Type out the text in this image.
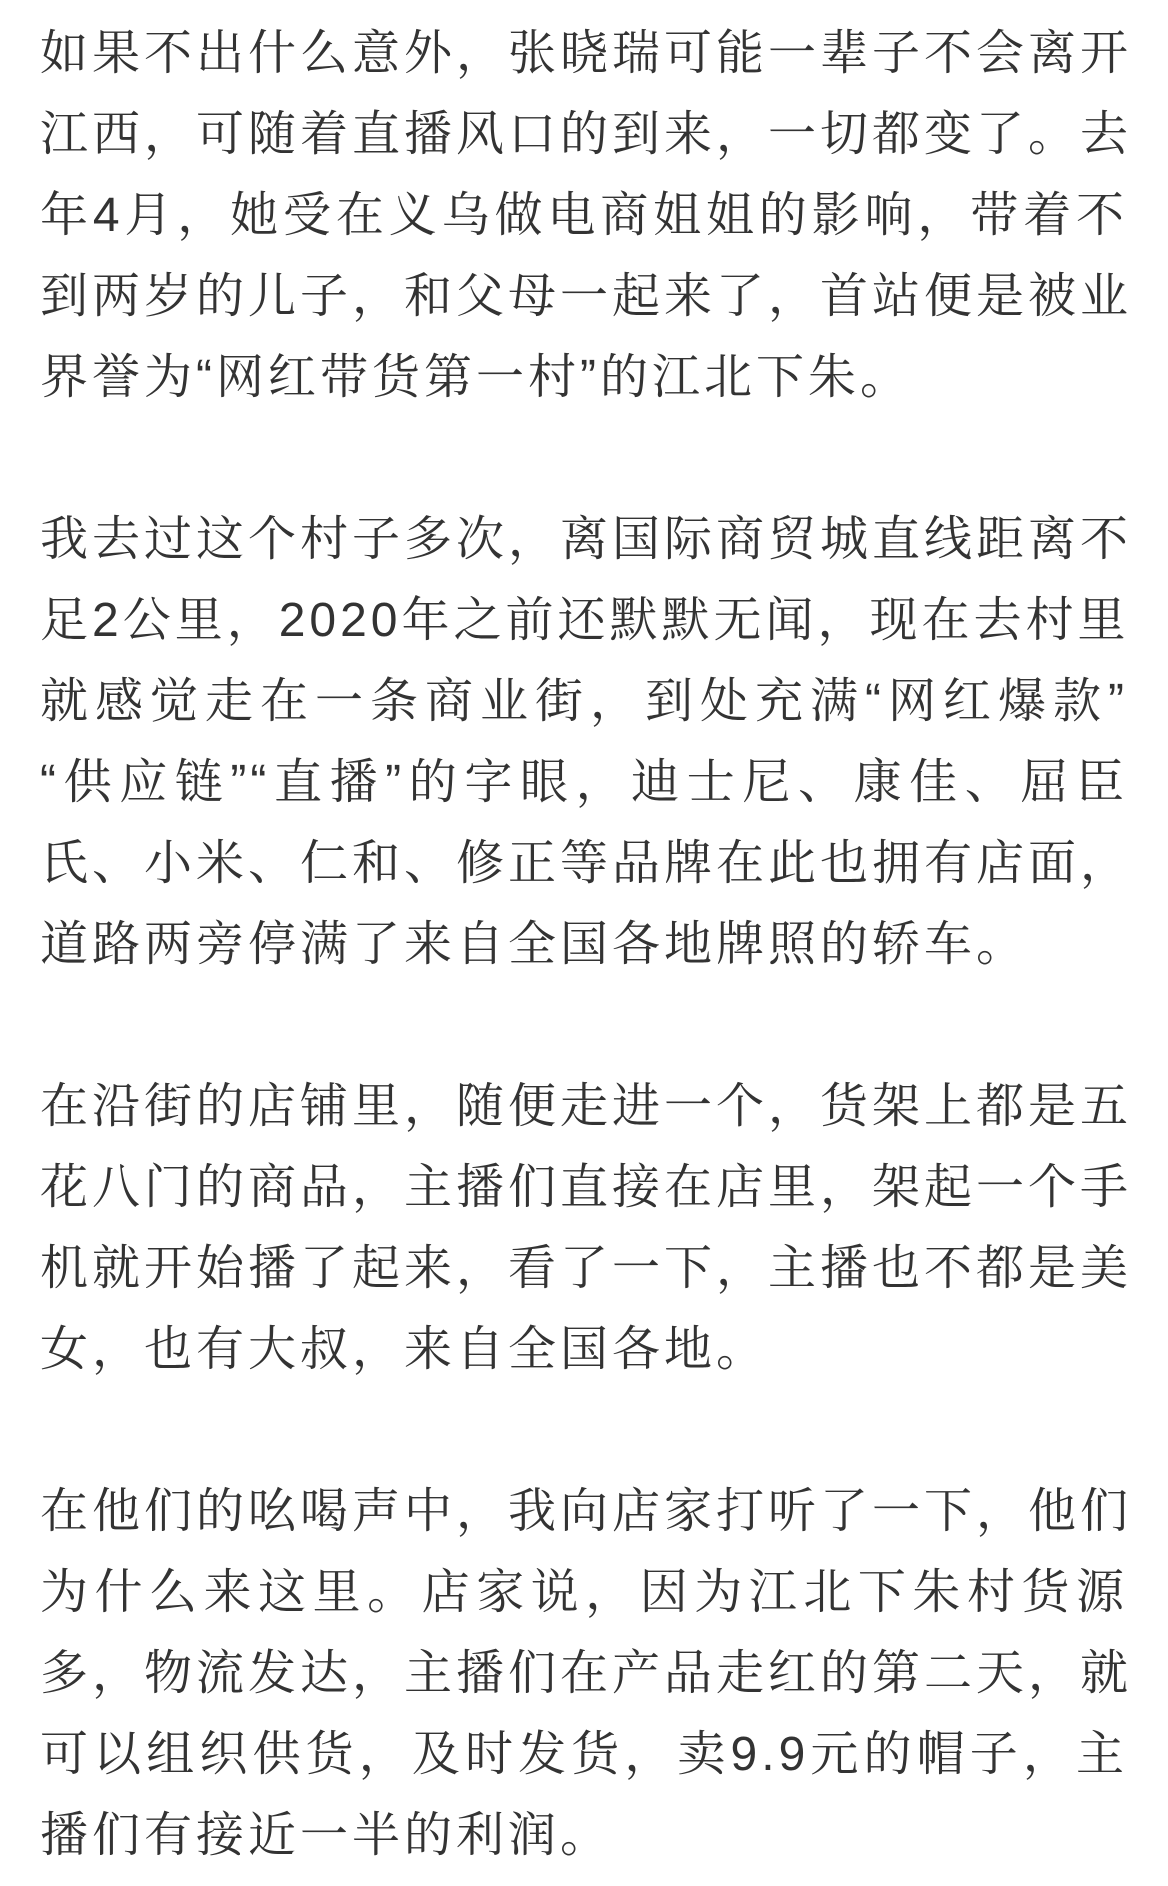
如果不出什么意外，张晓瑞可能一辈子不会离开
江西，可随着直播风口的到来，一切都变了。去
年4月，她受在义乌做电商姐姐的影响，带着不
到两岁的儿子，和父母一起来了，首站便是被业
界誉为“网红带货第一村”的江北下朱。

我去过这个村子多次，离国际商贸城直线距离不
足2公里，2020年之前还默默无闻，现在去村里
就感觉走在一条商业街，到处充满“网红爆款”
“供应链”“直播”的字眼，迪士尼、康佳、屈臣
氏、小米、仁和、修正等品牌在此也拥有店面，
道路两旁停满了来自全国各地牌照的轿车。

在沿街的店铺里，随便走进一个，货架上都是五
花八门的商品，主播们直接在店里，架起一个手
机就开始播了起来，看了一下，主播也不都是美
女，也有大叔，来自全国各地。

在他们的吆喝声中，我向店家打听了一下，他们
为什么来这里。店家说，因为江北下朱村货源
多，物流发达，主播们在产品走红的第二天，就
可以组织供货，及时发货，卖9.9元的帽子，主
播们有接近一半的利润。
